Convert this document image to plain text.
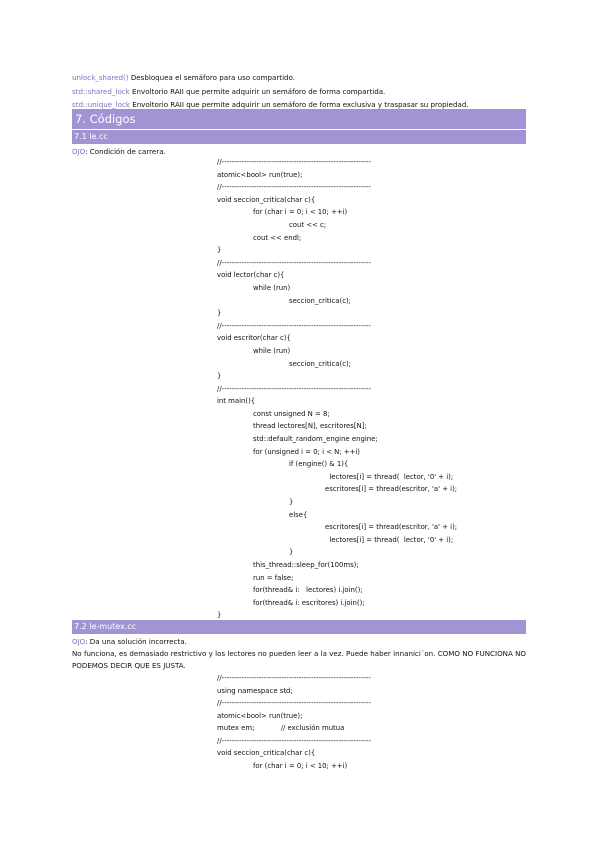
unlock_shared() Desbloquea el semáforo para uso compartido.

std::shared_lock Envoltorio RAII que permite adquirir un semáforo de forma compartida.

std::unique_lock Envoltorio RAII que permite adquirir un semáforo de forma exclusiva y traspasar su propiedad.

7. Códigos
7.1 le.cc

OJO: Condición de carrera.

//------------------------------------------------------------
atomic<bool> run(true);
//------------------------------------------------------------
void seccion_critica(char c){
for (char i = 0; i < 10; ++i)
cout << c;
cout << endl;
}
//------------------------------------------------------------
void lector(char c){
while (run)
seccion_critica(c);
}
//------------------------------------------------------------
void escritor(char c){
while (run)
seccion_critica(c);
}
//------------------------------------------------------------
int main(){
const unsigned N = 8;
thread lectores[N], escritores[N];
std::default_random_engine engine;
for (unsigned i = 0; i < N; ++i)
if (engine() & 1){
lectores[i] = thread(  lector, '0' + i);
escritores[i] = thread(escritor, 'a' + i);
}
else{
escritores[i] = thread(escritor, 'a' + i);
lectores[i] = thread(  lector, '0' + i);
}
this_thread::sleep_for(100ms);
run = false;
for(thread& i:   lectores) i.join();
for(thread& i: escritores) i.join();
}
7.2 le-mutex.cc

OJO: Da una solución incorrecta.

No funciona, es demasiado restrictivo y los lectores no pueden leer a la vez. Puede haber innanici´on. COMO NO FUNCIONA NO PODEMOS DECIR QUE ES JUSTA.

//------------------------------------------------------------
using namespace std;
//------------------------------------------------------------
atomic<bool> run(true);
mutex em;            // exclusión mutua
//------------------------------------------------------------
void seccion_critica(char c){
for (char i = 0; i < 10; ++i)
